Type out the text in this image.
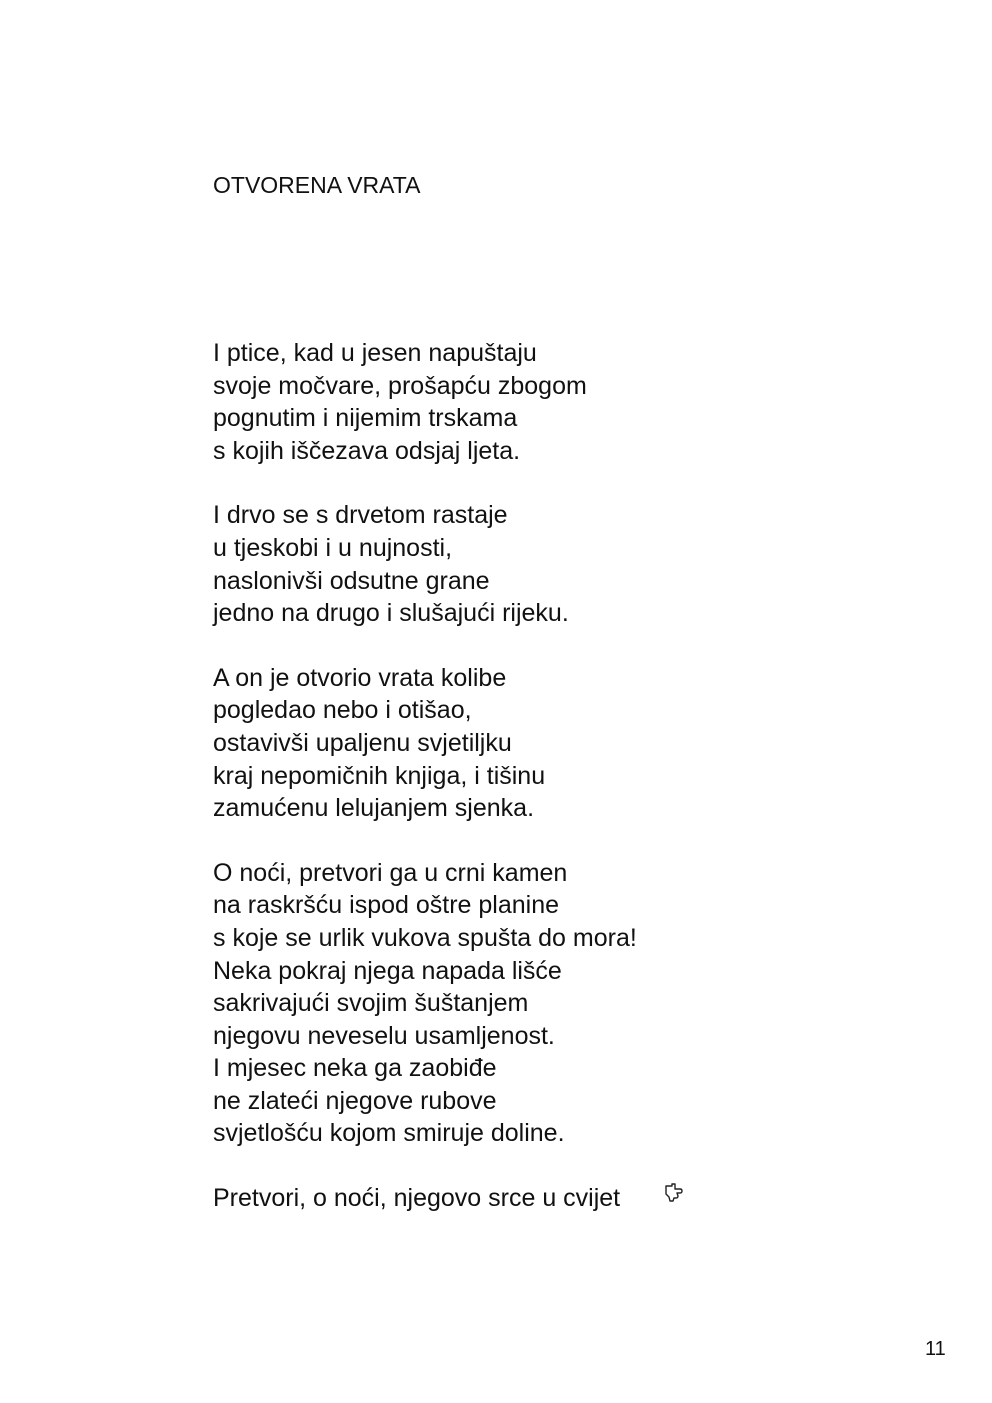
OTVORENA VRATA
I ptice, kad u jesen napuštaju
svoje močvare, prošapću zbogom
pognutim i nijemim trskama
s kojih iščezava odsjaj ljeta.
I drvo se s drvetom rastaje
u tjeskobi i u nujnosti,
naslonivši odsutne grane
jedno na drugo i slušajući rijeku.
A on je otvorio vrata kolibe
pogledao nebo i otišao,
ostavivši upaljenu svjetiljku
kraj nepomičnih knjiga, i tišinu
zamućenu lelujanjem sjenka.
O noći, pretvori ga u crni kamen
na raskršću ispod oštre planine
s koje se urlik vukova spušta do mora!
Neka pokraj njega napada lišće
sakrivajući svojim šuštanjem
njegovu neveselu usamljenost.
I mjesec neka ga zaobiđe
ne zlateći njegove rubove
svjetlošću kojom smiruje doline.
Pretvori, o noći, njegovo srce u cvijet
11
